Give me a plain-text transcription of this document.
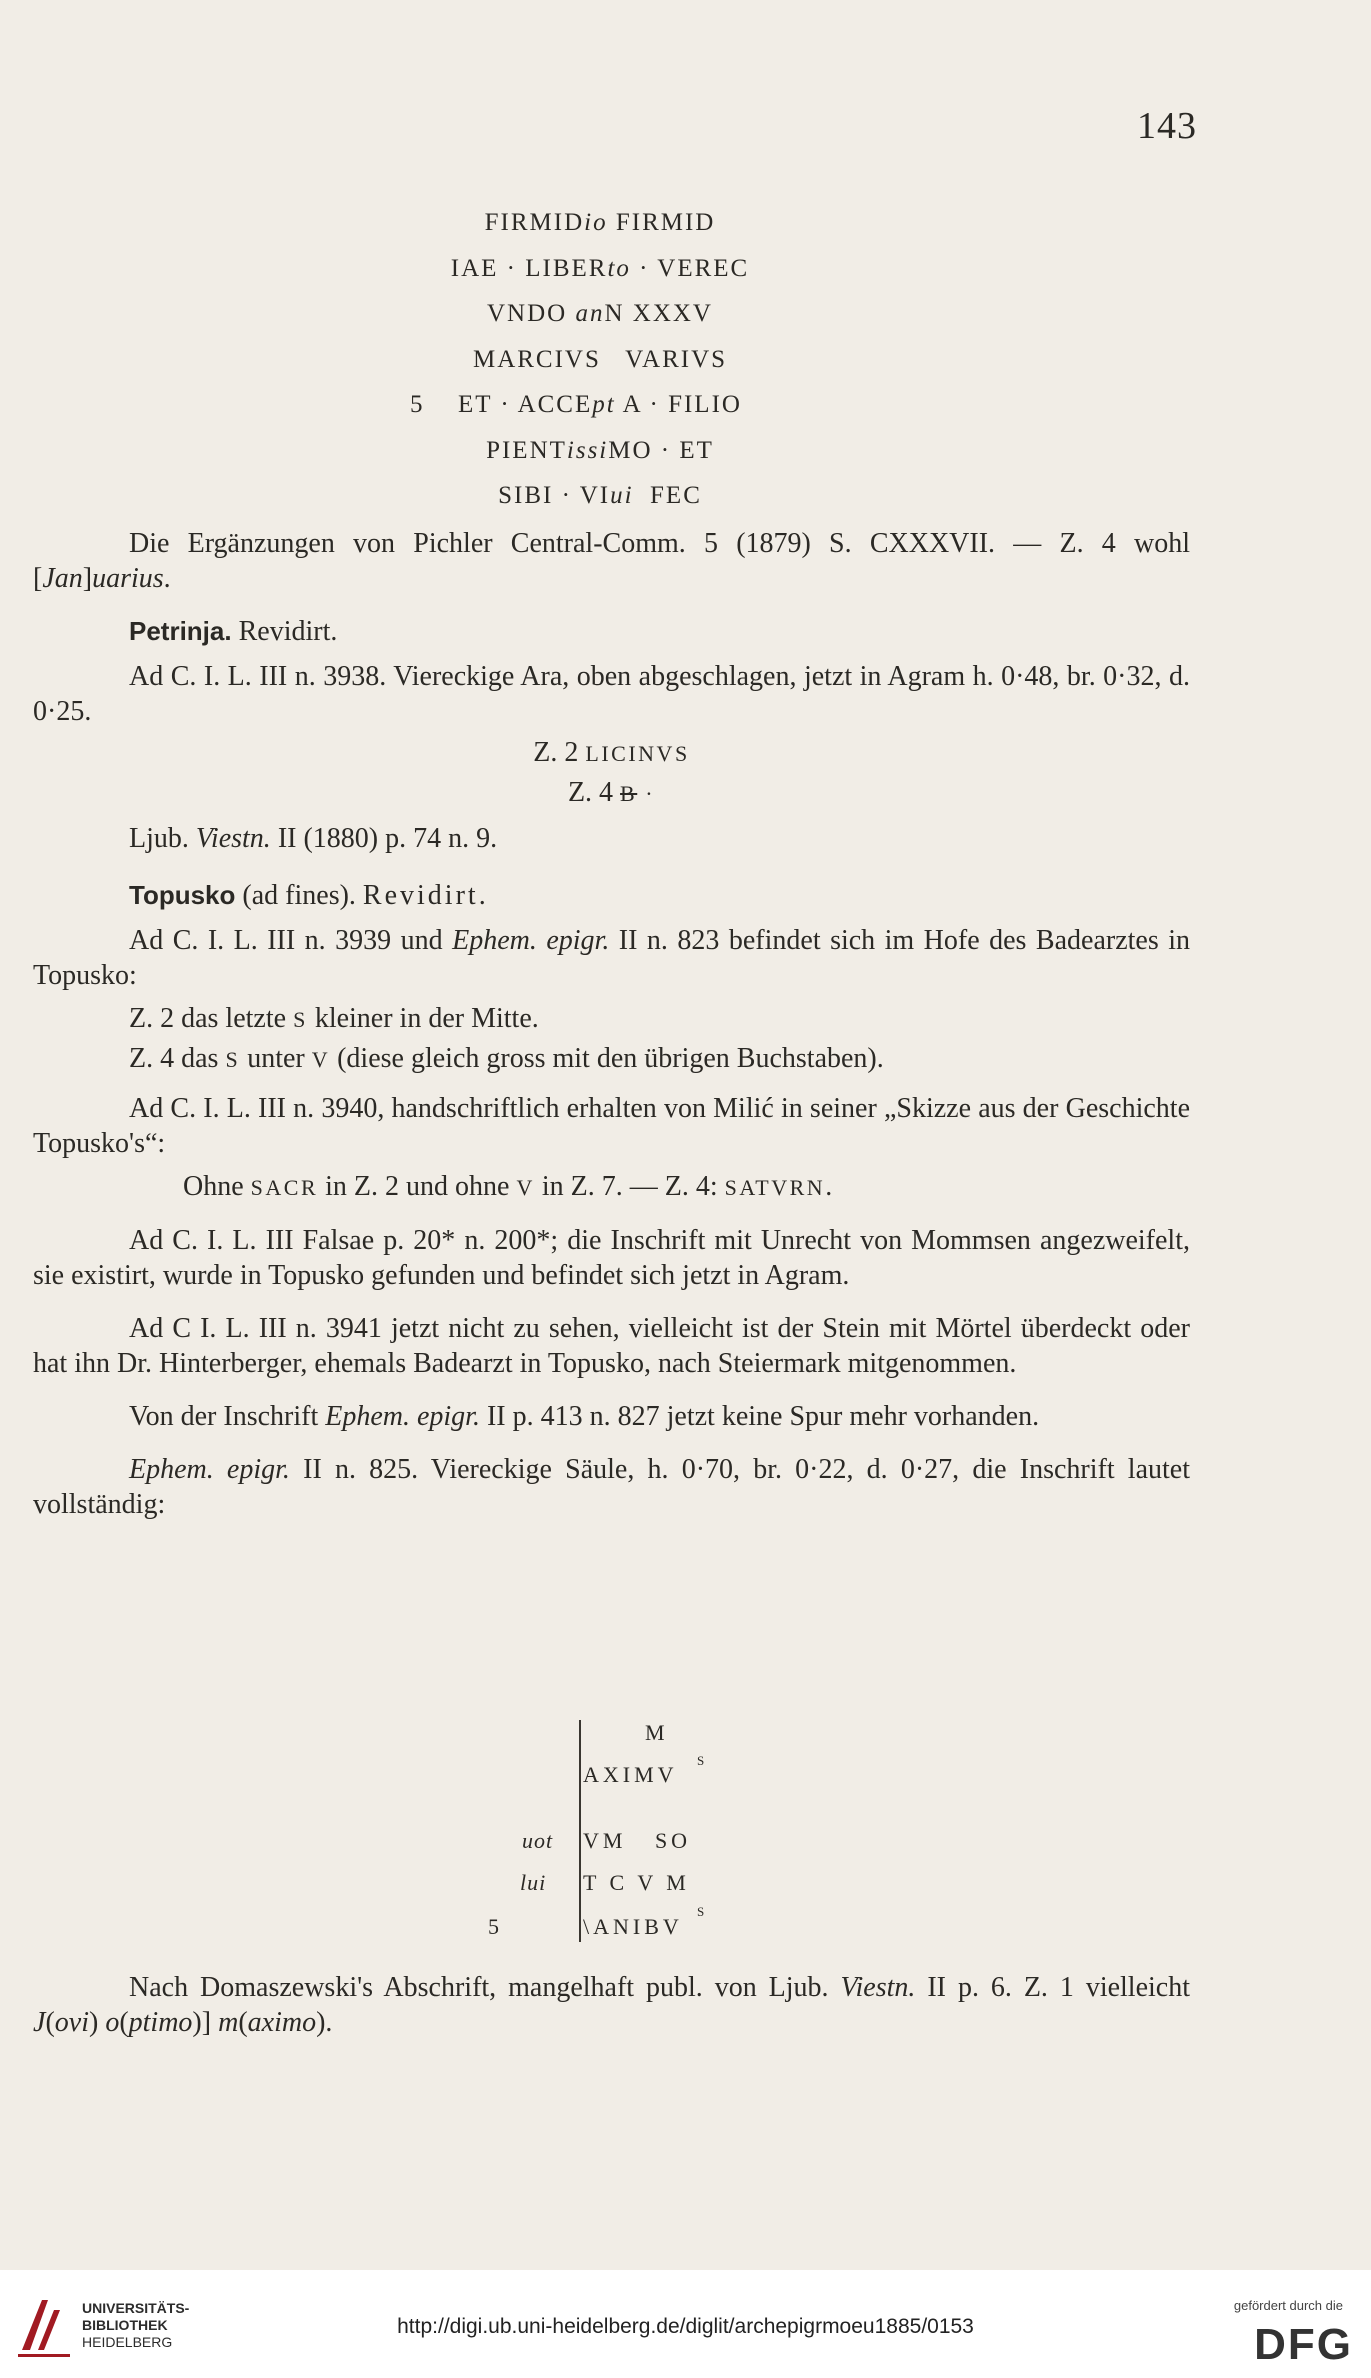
143
FIRMIDio FIRMID
IAE · LIBERto · VEREC
VNDO anN XXXV
MARCIVS   VARIVS
5 ET · ACCEpt A · FILIO
PIENTissiMO · ET
SIBI · VIui  FEC

Die Ergänzungen von Pichler Central-Comm. 5 (1879) S. CXXXVII. — Z. 4 wohl [Jan]uarius.

Petrinja. Revidirt.

Ad C. I. L. III n. 3938. Viereckige Ara, oben abgeschlagen, jetzt in Agram h. 0·48, br. 0·32, d. 0·25.

Z. 2 LICINVS
Z. 4 B ·

Ljub. Viestn. II (1880) p. 74 n. 9.

Topusko (ad fines). Revidirt.

Ad C. I. L. III n. 3939 und Ephem. epigr. II n. 823 befindet sich im Hofe des Badearztes in Topusko:

Z. 2 das letzte S kleiner in der Mitte.
Z. 4 das S unter V (diese gleich gross mit den übrigen Buchstaben).

Ad C. I. L. III n. 3940, handschriftlich erhalten von Milić in seiner „Skizze aus der Geschichte Topusko's“:

Ohne SACR in Z. 2 und ohne V in Z. 7. — Z. 4: SATVRN.

Ad C. I. L. III Falsae p. 20* n. 200*; die Inschrift mit Unrecht von Mommsen angezweifelt, sie existirt, wurde in Topusko gefunden und befindet sich jetzt in Agram.

Ad C I. L. III n. 3941 jetzt nicht zu sehen, vielleicht ist der Stein mit Mörtel überdeckt oder hat ihn Dr. Hinterberger, ehemals Badearzt in Topusko, nach Steiermark mitgenommen.

Von der Inschrift Ephem. epigr. II p. 413 n. 827 jetzt keine Spur mehr vorhanden.

Ephem. epigr. II n. 825. Viereckige Säule, h. 0·70, br. 0·22, d. 0·27, die Inschrift lautet vollständig:

M
AXIMV
S
uot VM   SO
lui T C V M
5	\ANIBV
S

Nach Domaszewski's Abschrift, mangelhaft publ. von Ljub. Viestn. II p. 6. Z. 1 vielleicht J(ovi) o(ptimo)] m(aximo).

UNIVERSITÄTS-
BIBLIOTHEK
HEIDELBERG
http://digi.ub.uni-heidelberg.de/diglit/archepigrmoeu1885/0153
gefördert durch die
DFG
